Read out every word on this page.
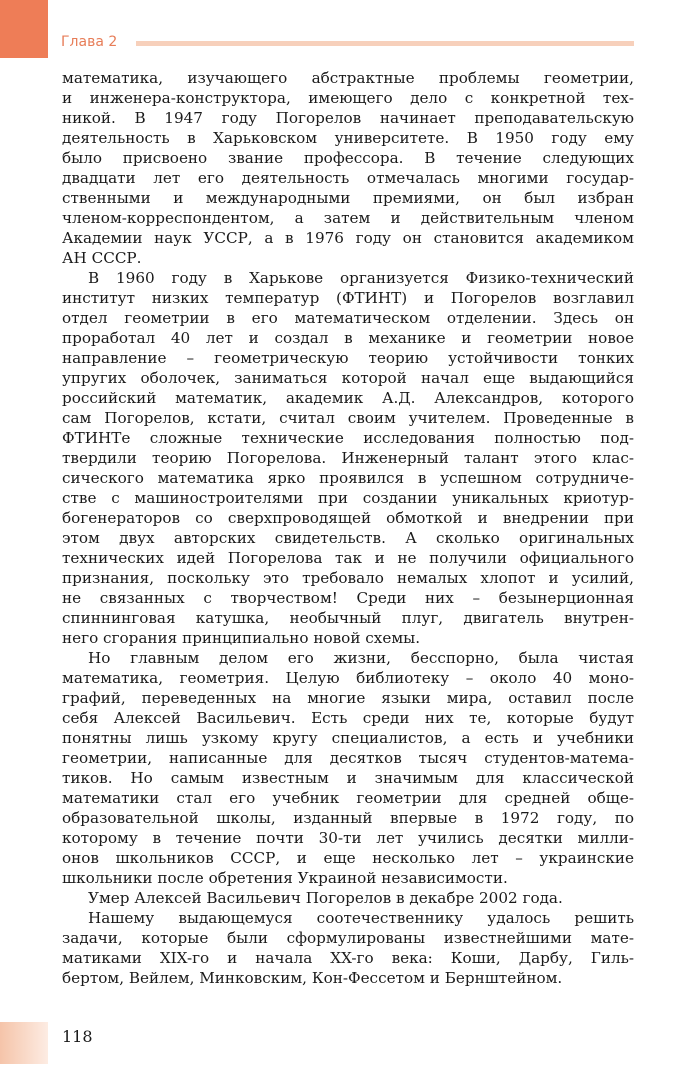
Глава 2
математика, изучающего абстрактные проблемы геометрии,
и инженера-конструктора, имеющего дело с конкретной тех-
никой. В 1947 году Погорелов начинает преподавательскую
деятельность в Харьковском университете. В 1950 году ему
было присвоено звание профессора. В течение следующих
двадцати лет его деятельность отмечалась многими государ-
ственными и международными премиями, он был избран
членом-корреспондентом, а затем и действительным членом
Академии наук УССР, а в 1976 году он становится академиком
АН СССР.
В 1960 году в Харькове организуется Физико-технический
институт низких температур (ФТИНТ) и Погорелов возглавил
отдел геометрии в его математическом отделении. Здесь он
проработал 40 лет и создал в механике и геометрии новое
направление – геометрическую теорию устойчивости тонких
упругих оболочек, заниматься которой начал еще выдающийся
российский математик, академик А.Д. Александров, которого
сам Погорелов, кстати, считал своим учителем. Проведенные в
ФТИНТе сложные технические исследования полностью под-
твердили теорию Погорелова. Инженерный талант этого клас-
сического математика ярко проявился в успешном сотрудниче-
стве с машиностроителями при создании уникальных криотур-
богенераторов со сверхпроводящей обмоткой и внедрении при
этом двух авторских свидетельств. А сколько оригинальных
технических идей Погорелова так и не получили официального
признания, поскольку это требовало немалых хлопот и усилий,
не связанных с творчеством! Среди них – безынерционная
спиннинговая катушка, необычный плуг, двигатель внутрен-
него сгорания принципиально новой схемы.
Но главным делом его жизни, бесспорно, была чистая
математика, геометрия. Целую библиотеку – около 40 моно-
графий, переведенных на многие языки мира, оставил после
себя Алексей Васильевич. Есть среди них те, которые будут
понятны лишь узкому кругу специалистов, а есть и учебники
геометрии, написанные для десятков тысяч студентов-матема-
тиков. Но самым известным и значимым для классической
математики стал его учебник геометрии для средней обще-
образовательной школы, изданный впервые в 1972 году, по
которому в течение почти 30-ти лет учились десятки милли-
онов школьников СССР, и еще несколько лет – украинские
школьники после обретения Украиной независимости.
Умер Алексей Васильевич Погорелов в декабре 2002 года.
Нашему выдающемуся соотечественнику удалось решить
задачи, которые были сформулированы известнейшими мате-
матиками XIX-го и начала XX-го века: Коши, Дарбу, Гиль-
бертом, Вейлем, Минковским, Кон-Фессетом и Бернштейном.
118
